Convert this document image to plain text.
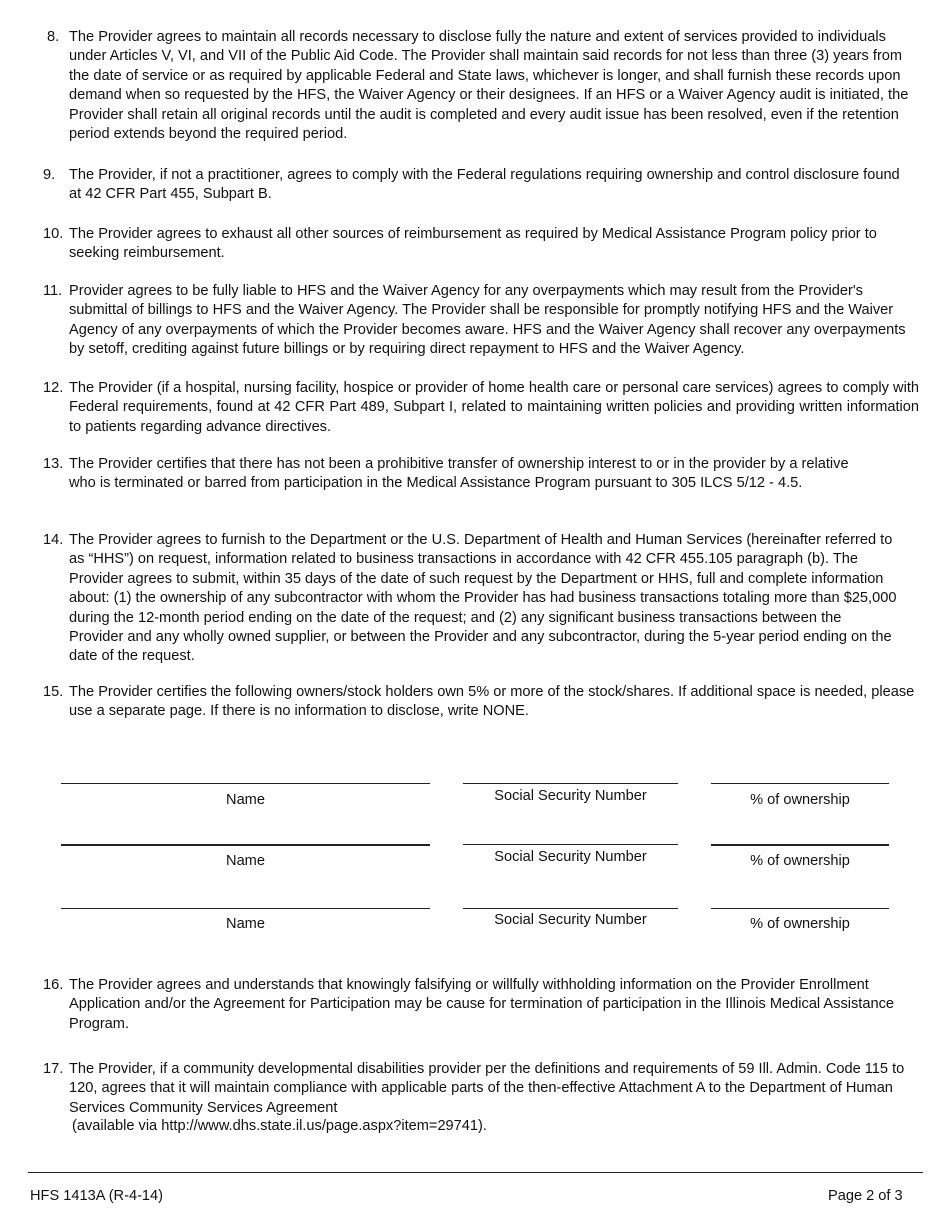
8. The Provider agrees to maintain all records necessary to disclose fully the nature and extent of services provided to individuals under Articles V, VI, and VII of the Public Aid Code. The Provider shall maintain said records for not less than three (3) years from the date of service or as required by applicable Federal and State laws, whichever is longer, and shall furnish these records upon demand when so requested by the HFS, the Waiver Agency or their designees. If an HFS or a Waiver Agency audit is initiated, the Provider shall retain all original records until the audit is completed and every audit issue has been resolved, even if the retention period extends beyond the required period.
9. The Provider, if not a practitioner, agrees to comply with the Federal regulations requiring ownership and control disclosure found at 42 CFR Part 455, Subpart B.
10. The Provider agrees to exhaust all other sources of reimbursement as required by Medical Assistance Program policy prior to seeking reimbursement.
11. Provider agrees to be fully liable to HFS and the Waiver Agency for any overpayments which may result from the Provider's submittal of billings to HFS and the Waiver Agency. The Provider shall be responsible for promptly notifying HFS and the Waiver Agency of any overpayments of which the Provider becomes aware. HFS and the Waiver Agency shall recover any overpayments by setoff, crediting against future billings or by requiring direct repayment to HFS and the Waiver Agency.
12. The Provider (if a hospital, nursing facility, hospice or provider of home health care or personal care services) agrees to comply with Federal requirements, found at 42 CFR Part 489, Subpart I, related to maintaining written policies and providing written information to patients regarding advance directives.
13. The Provider certifies that there has not been a prohibitive transfer of ownership interest to or in the provider by a relative who is terminated or barred from participation in the Medical Assistance Program pursuant to 305 ILCS 5/12 - 4.5.
14. The Provider agrees to furnish to the Department or the U.S. Department of Health and Human Services (hereinafter referred to as “HHS”) on request, information related to business transactions in accordance with 42 CFR 455.105 paragraph (b). The Provider agrees to submit, within 35 days of the date of such request by the Department or HHS, full and complete information about: (1) the ownership of any subcontractor with whom the Provider has had business transactions totaling more than $25,000 during the 12-month period ending on the date of the request; and (2) any significant business transactions between the Provider and any wholly owned supplier, or between the Provider and any subcontractor, during the 5-year period ending on the date of the request.
15. The Provider certifies the following owners/stock holders own 5% or more of the stock/shares. If additional space is needed, please use a separate page. If there is no information to disclose, write NONE.
Name	Social Security Number	% of ownership
Name	Social Security Number	% of ownership
Name	Social Security Number	% of ownership
16. The Provider agrees and understands that knowingly falsifying or willfully withholding information on the Provider Enrollment Application and/or the Agreement for Participation may be cause for termination of participation in the Illinois Medical Assistance Program.
17. The Provider, if a community developmental disabilities provider per the definitions and requirements of 59 Ill. Admin. Code 115 to 120, agrees that it will maintain compliance with applicable parts of the then-effective Attachment A to the Department of Human Services Community Services Agreement
(available via http://www.dhs.state.il.us/page.aspx?item=29741).
HFS 1413A (R-4-14)	Page 2 of 3
